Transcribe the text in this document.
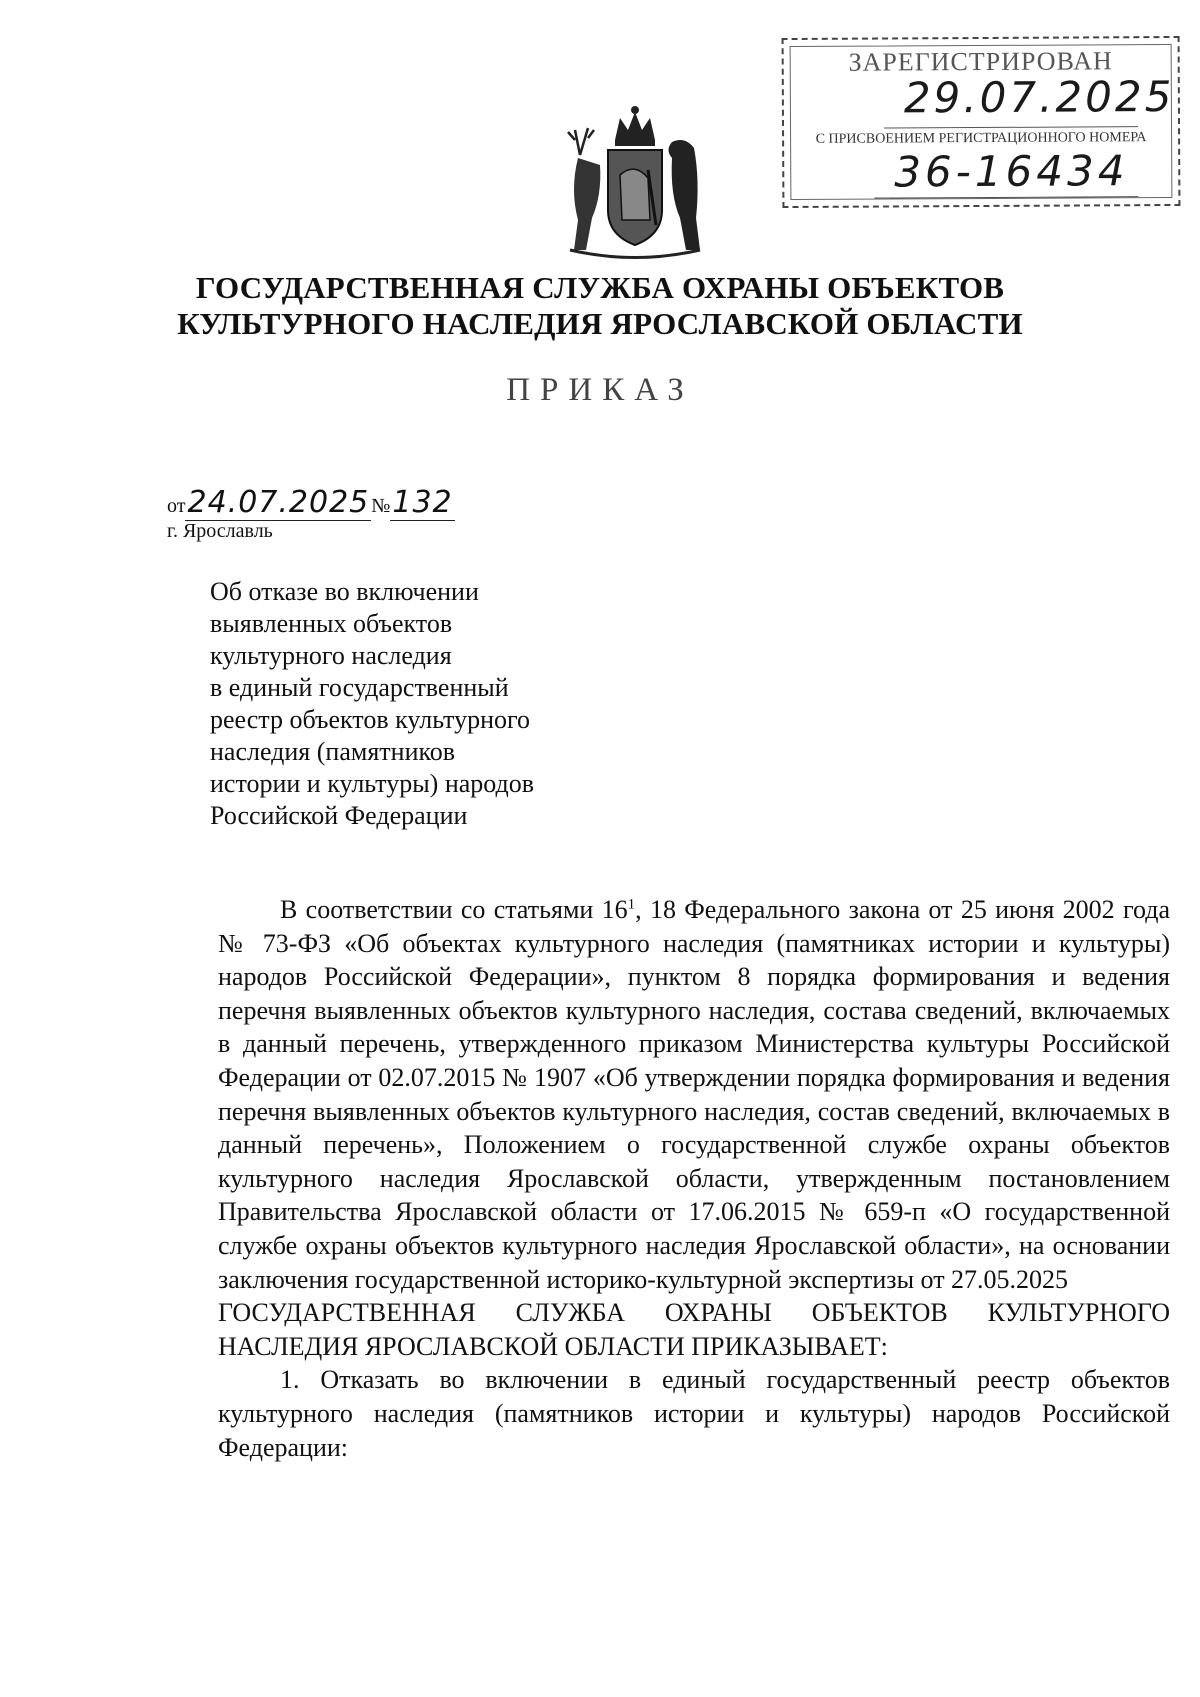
ЗАРЕГИСТРИРОВАН
29.07.2025
С ПРИСВОЕНИЕМ РЕГИСТРАЦИОННОГО НОМЕРА
36-16434
ГОСУДАРСТВЕННАЯ СЛУЖБА ОХРАНЫ ОБЪЕКТОВ
КУЛЬТУРНОГО НАСЛЕДИЯ ЯРОСЛАВСКОЙ ОБЛАСТИ
ПРИКАЗ
от24.07.2025 №132
г. Ярославль
Об отказе во включении
выявленных объектов
культурного наследия
в единый государственный
реестр объектов культурного
наследия (памятников
истории и культуры) народов
Российской Федерации

В соответствии со статьями $16^1$, 18 Федерального закона от 25 июня 2002 года № 73-ФЗ «Об объектах культурного наследия (памятниках истории и культуры) народов Российской Федерации», пунктом 8 порядка формирования и ведения перечня выявленных объектов культурного наследия, состава сведений, включаемых в данный перечень, утвержденного приказом Министерства культуры Российской Федерации от 02.07.2015 № 1907 «Об утверждении порядка формирования и ведения перечня выявленных объектов культурного наследия, состав сведений, включаемых в данный перечень», Положением о государственной службе охраны объектов культурного наследия Ярославской области, утвержденным постановлением Правительства Ярославской области от 17.06.2015 № 659-п «О государственной службе охраны объектов культурного наследия Ярославской области», на основании заключения государственной историко-культурной экспертизы от 27.05.2025

ГОСУДАРСТВЕННАЯ СЛУЖБА ОХРАНЫ ОБЪЕКТОВ КУЛЬТУРНОГО НАСЛЕДИЯ ЯРОСЛАВСКОЙ ОБЛАСТИ ПРИКАЗЫВАЕТ:

1. Отказать во включении в единый государственный реестр объектов культурного наследия (памятников истории и культуры) народов Российской Федерации:
